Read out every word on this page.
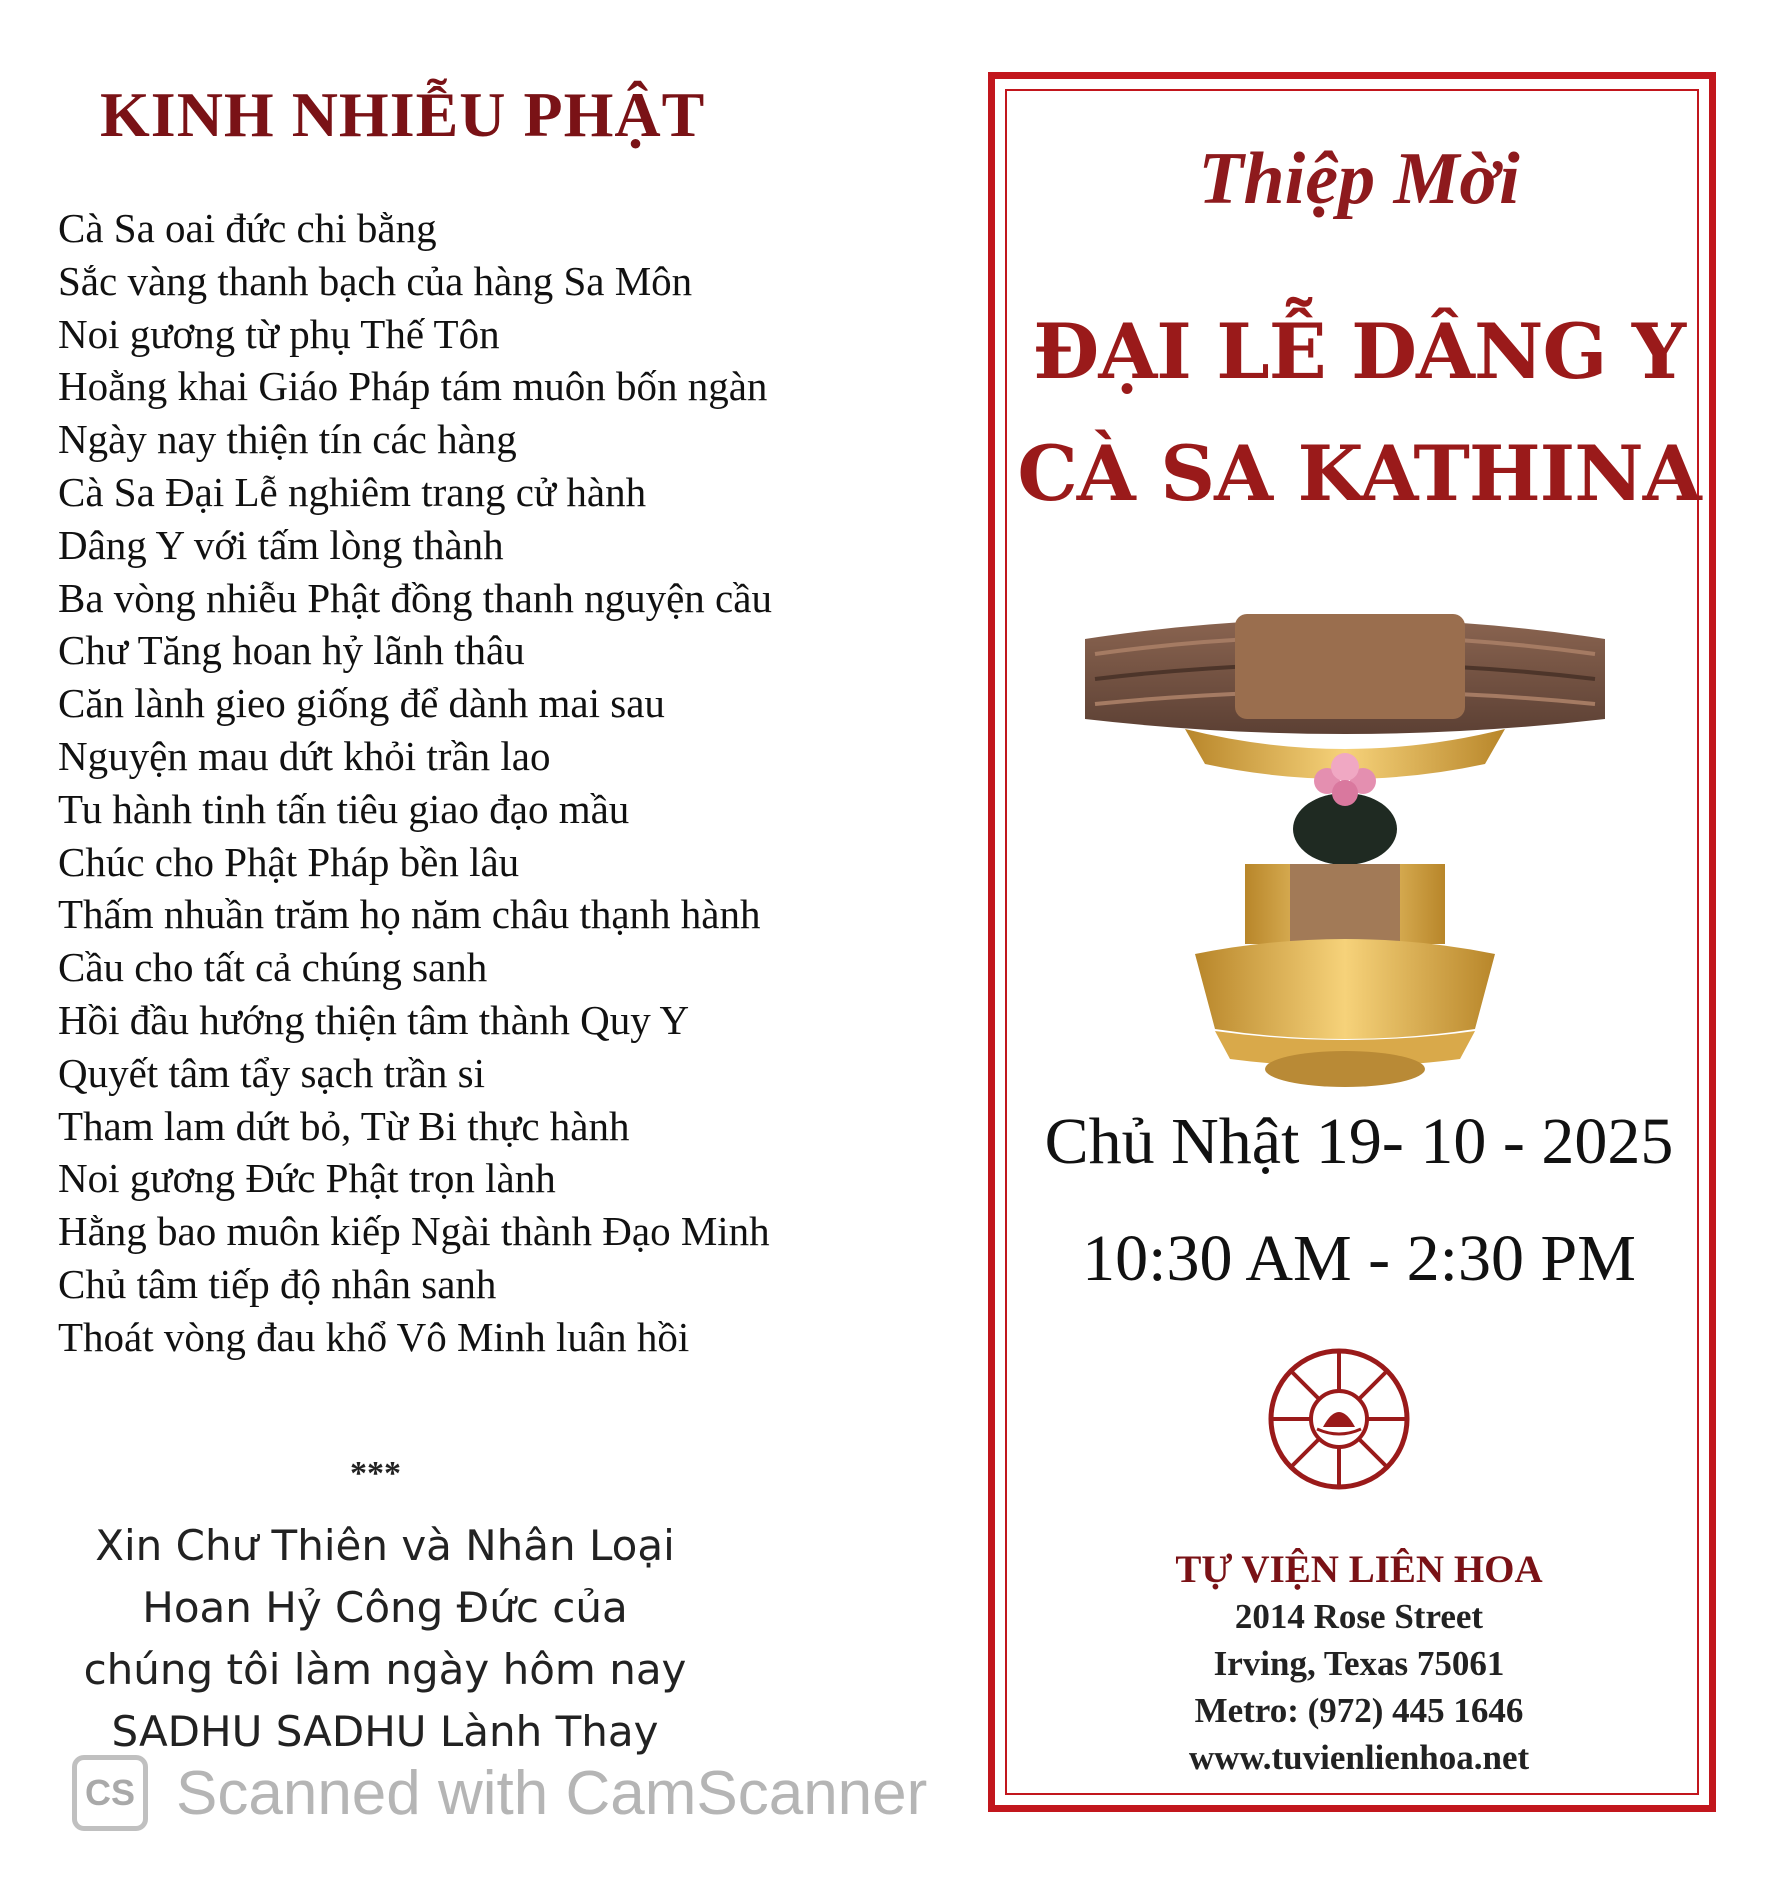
KINH NHIỄU PHẬT
Cà Sa oai đức chi bằng
Sắc vàng thanh bạch của hàng Sa Môn
Noi gương từ phụ Thế Tôn
Hoằng khai Giáo Pháp tám muôn bốn ngàn
Ngày nay thiện tín các hàng
Cà Sa Đại Lễ nghiêm trang cử hành
Dâng Y với tấm lòng thành
Ba vòng nhiễu Phật đồng thanh nguyện cầu
Chư Tăng hoan hỷ lãnh thâu
Căn lành gieo giống để dành mai sau
Nguyện mau dứt khỏi trần lao
Tu hành tinh tấn tiêu giao đạo mầu
Chúc cho Phật Pháp bền lâu
Thấm nhuần trăm họ năm châu thạnh hành
Cầu cho tất cả chúng sanh
Hồi đầu hướng thiện tâm thành Quy Y
Quyết tâm tẩy sạch trần si
Tham lam dứt bỏ, Từ Bi thực hành
Noi gương Đức Phật trọn lành
Hằng bao muôn kiếp Ngài thành Đạo Minh
Chủ tâm tiếp độ nhân sanh
Thoát vòng đau khổ Vô Minh luân hồi
***
Xin Chư Thiên và Nhân Loại
Hoan Hỷ Công Đức của
chúng tôi làm ngày hôm nay
SADHU SADHU Lành Thay
CS Scanned with CamScanner
Thiệp Mời
ĐẠI LỄ DÂNG Y
CÀ SA KATHINA
Chủ Nhật 19- 10 - 2025
10:30 AM - 2:30 PM
TỰ VIỆN LIÊN HOA
2014 Rose Street
Irving, Texas 75061
Metro: (972) 445 1646
www.tuvienlienhoa.net
